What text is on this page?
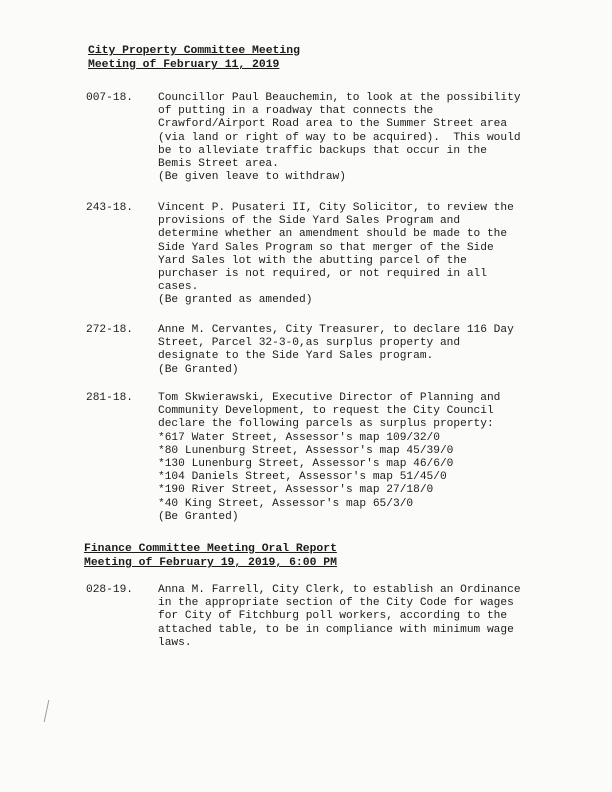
City Property Committee Meeting
Meeting of February 11, 2019
007-18. Councillor Paul Beauchemin, to look at the possibility
of putting in a roadway that connects the
Crawford/Airport Road area to the Summer Street area
(via land or right of way to be acquired).  This would
be to alleviate traffic backups that occur in the
Bemis Street area.
(Be given leave to withdraw)
243-18. Vincent P. Pusateri II, City Solicitor, to review the
provisions of the Side Yard Sales Program and
determine whether an amendment should be made to the
Side Yard Sales Program so that merger of the Side
Yard Sales lot with the abutting parcel of the
purchaser is not required, or not required in all
cases.
(Be granted as amended)
272-18. Anne M. Cervantes, City Treasurer, to declare 116 Day
Street, Parcel 32-3-0,as surplus property and
designate to the Side Yard Sales program.
(Be Granted)
281-18. Tom Skwierawski, Executive Director of Planning and
Community Development, to request the City Council
declare the following parcels as surplus property:
*617 Water Street, Assessor's map 109/32/0
*80 Lunenburg Street, Assessor's map 45/39/0
*130 Lunenburg Street, Assessor's map 46/6/0
*104 Daniels Street, Assessor's map 51/45/0
*190 River Street, Assessor's map 27/18/0
*40 King Street, Assessor's map 65/3/0
(Be Granted)
Finance Committee Meeting Oral Report
Meeting of February 19, 2019, 6:00 PM
028-19. Anna M. Farrell, City Clerk, to establish an Ordinance
in the appropriate section of the City Code for wages
for City of Fitchburg poll workers, according to the
attached table, to be in compliance with minimum wage
laws.
